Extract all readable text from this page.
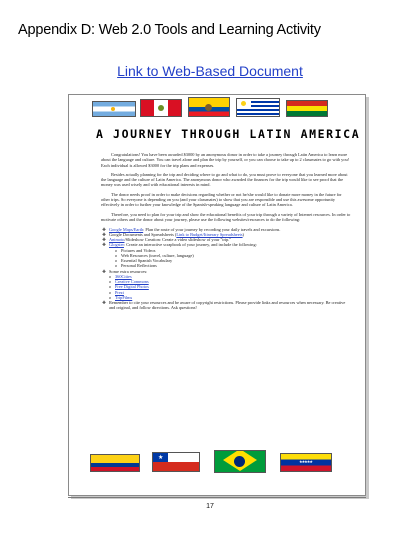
Appendix D: Web 2.0 Tools and Learning Activity
Link to Web-Based Document
A JOURNEY THROUGH LATIN AMERICA

Congratulations! You have been awarded $3000 by an anonymous donor in order to take a journey through Latin America to learn more about the language and culture. You can travel alone and plan the trip by yourself, or you can choose to take up to 2 classmates to go with you! Each individual is allowed $3000 for the trip plans and expenses.

Besides actually planning for the trip and deciding where to go and what to do, you must prove to everyone that you learned more about the language and the culture of Latin America. The anonymous donor who awarded the finances for the trip would like to see proof that the money was used wisely and with educational interests in mind.

The donor needs proof in order to make decisions regarding whether or not he/she would like to donate more money in the future for other trips. So everyone is depending on you (and your classmates) to show that you are responsible and use this awesome opportunity effectively in order to further your knowledge of the Spanish-speaking language and culture of Latin America.

Therefore, you need to plan for your trip and show the educational benefits of your trip through a variety of Internet resources. In order to motivate others and the donor about your journey, please use the following websites/resources to do the following:

❖ Google Maps/Earth: Plan the route of your journey by recording your daily travels and excursions.
❖ Google Documents and Spreadsheets (Link to Budget/Itinerary Spreadsheets)
❖ Animoto/Slideshow Creation: Create a video slideshow of your "trip."
❖ Glogster: Create an interactive scrapbook of your journey, and include the following:
o Pictures and Videos
o Web Resources (travel, culture, language)
o Essential Spanish Vocabulary
o Personal Reflections
❖ Some extra resources:
o 360Cities
o Creative Commons
o Free Digital Photos
o Prezi
o TripFilms
❖ Remember to cite your resources and be aware of copyright restrictions. Please provide links and resources when necessary. Be creative and original, and follow directions. Ask questions!
★
★★★★★
17
